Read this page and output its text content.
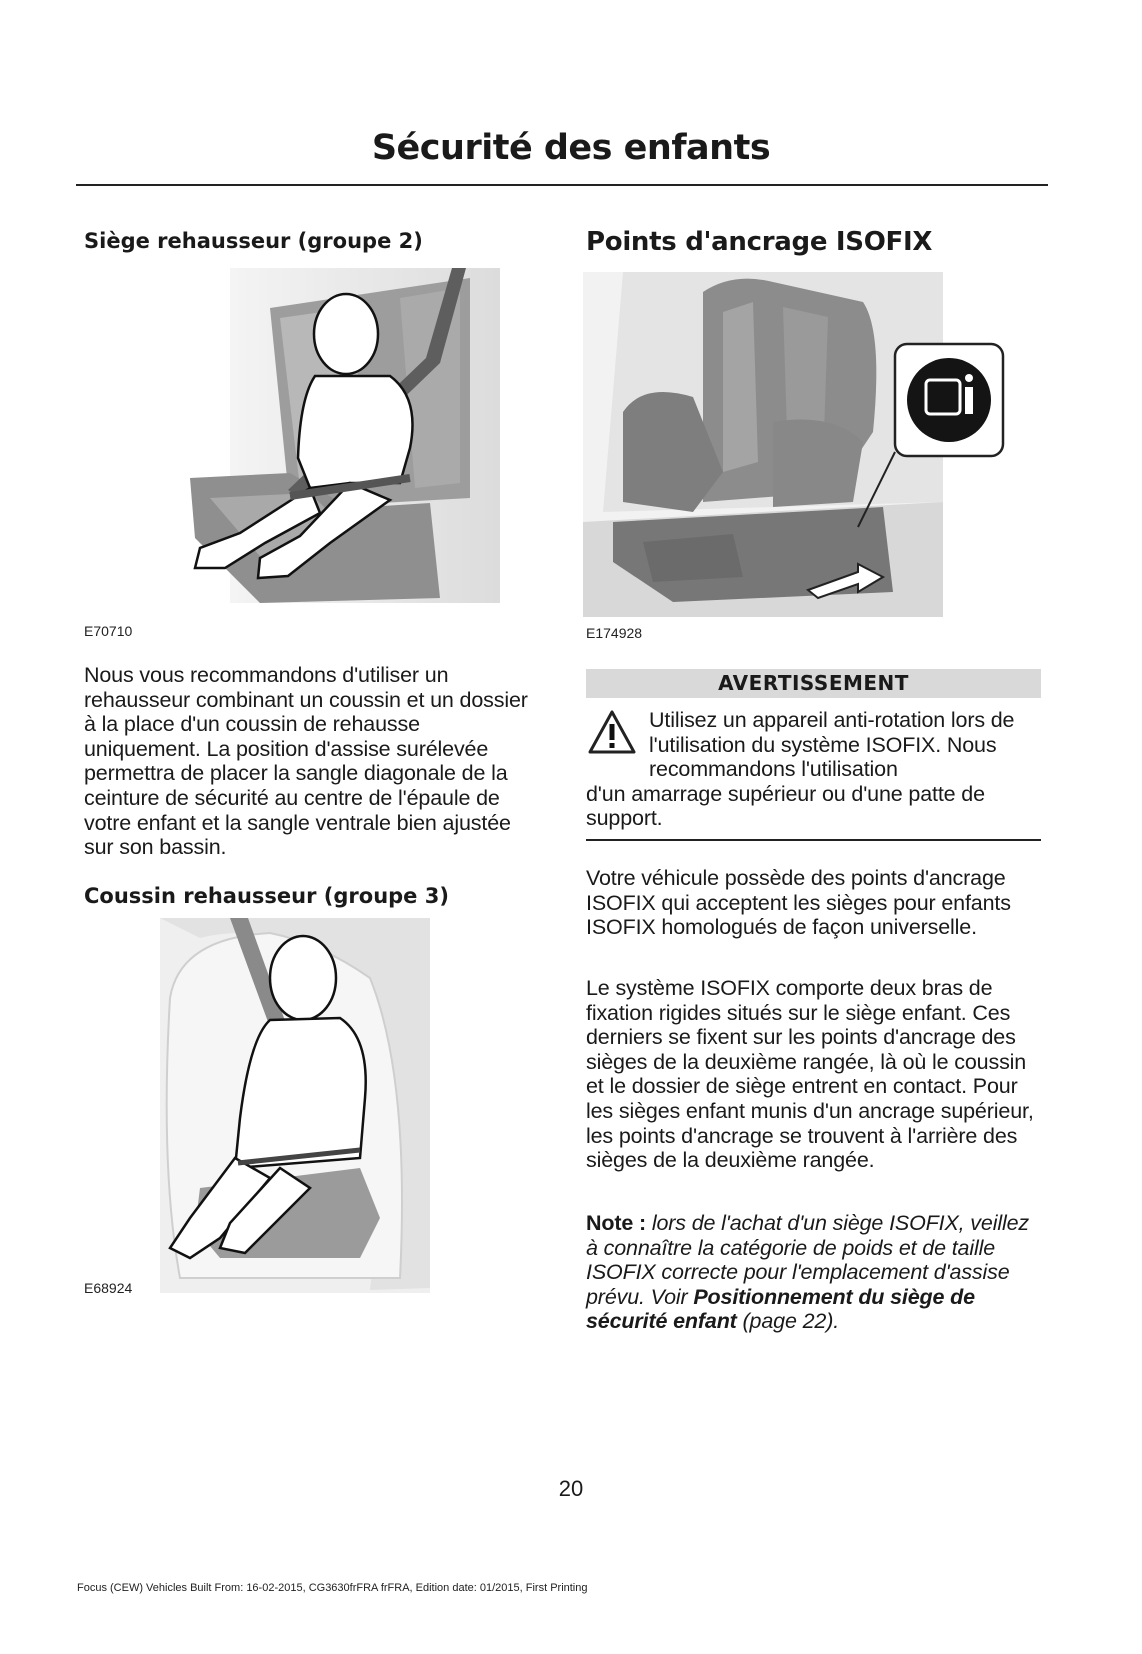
Sécurité des enfants
Siège rehausseur (groupe 2)
E70710

Nous vous recommandons d'utiliser un rehausseur combinant un coussin et un dossier à la place d'un coussin de rehausse uniquement. La position d'assise surélevée permettra de placer la sangle diagonale de la ceinture de sécurité au centre de l'épaule de votre enfant et la sangle ventrale bien ajustée sur son bassin.

Coussin rehausseur (groupe 3)
E68924
Points d'ancrage ISOFIX
E174928
AVERTISSEMENT

Utilisez un appareil anti-rotation lors de l'utilisation du système ISOFIX. Nous recommandons l'utilisation
d'un amarrage supérieur ou d'une patte de support.

Votre véhicule possède des points d'ancrage ISOFIX qui acceptent les sièges pour enfants ISOFIX homologués de façon universelle.

Le système ISOFIX comporte deux bras de fixation rigides situés sur le siège enfant. Ces derniers se fixent sur les points d'ancrage des sièges de la deuxième rangée, là où le coussin et le dossier de siège entrent en contact. Pour les sièges enfant munis d'un ancrage supérieur, les points d'ancrage se trouvent à l'arrière des sièges de la deuxième rangée.

Note : lors de l'achat d'un siège ISOFIX, veillez à connaître la catégorie de poids et de taille ISOFIX correcte pour l'emplacement d'assise prévu. Voir Positionnement du siège de sécurité enfant (page 22).

20
Focus (CEW) Vehicles Built From: 16-02-2015, CG3630frFRA frFRA, Edition date: 01/2015, First Printing
